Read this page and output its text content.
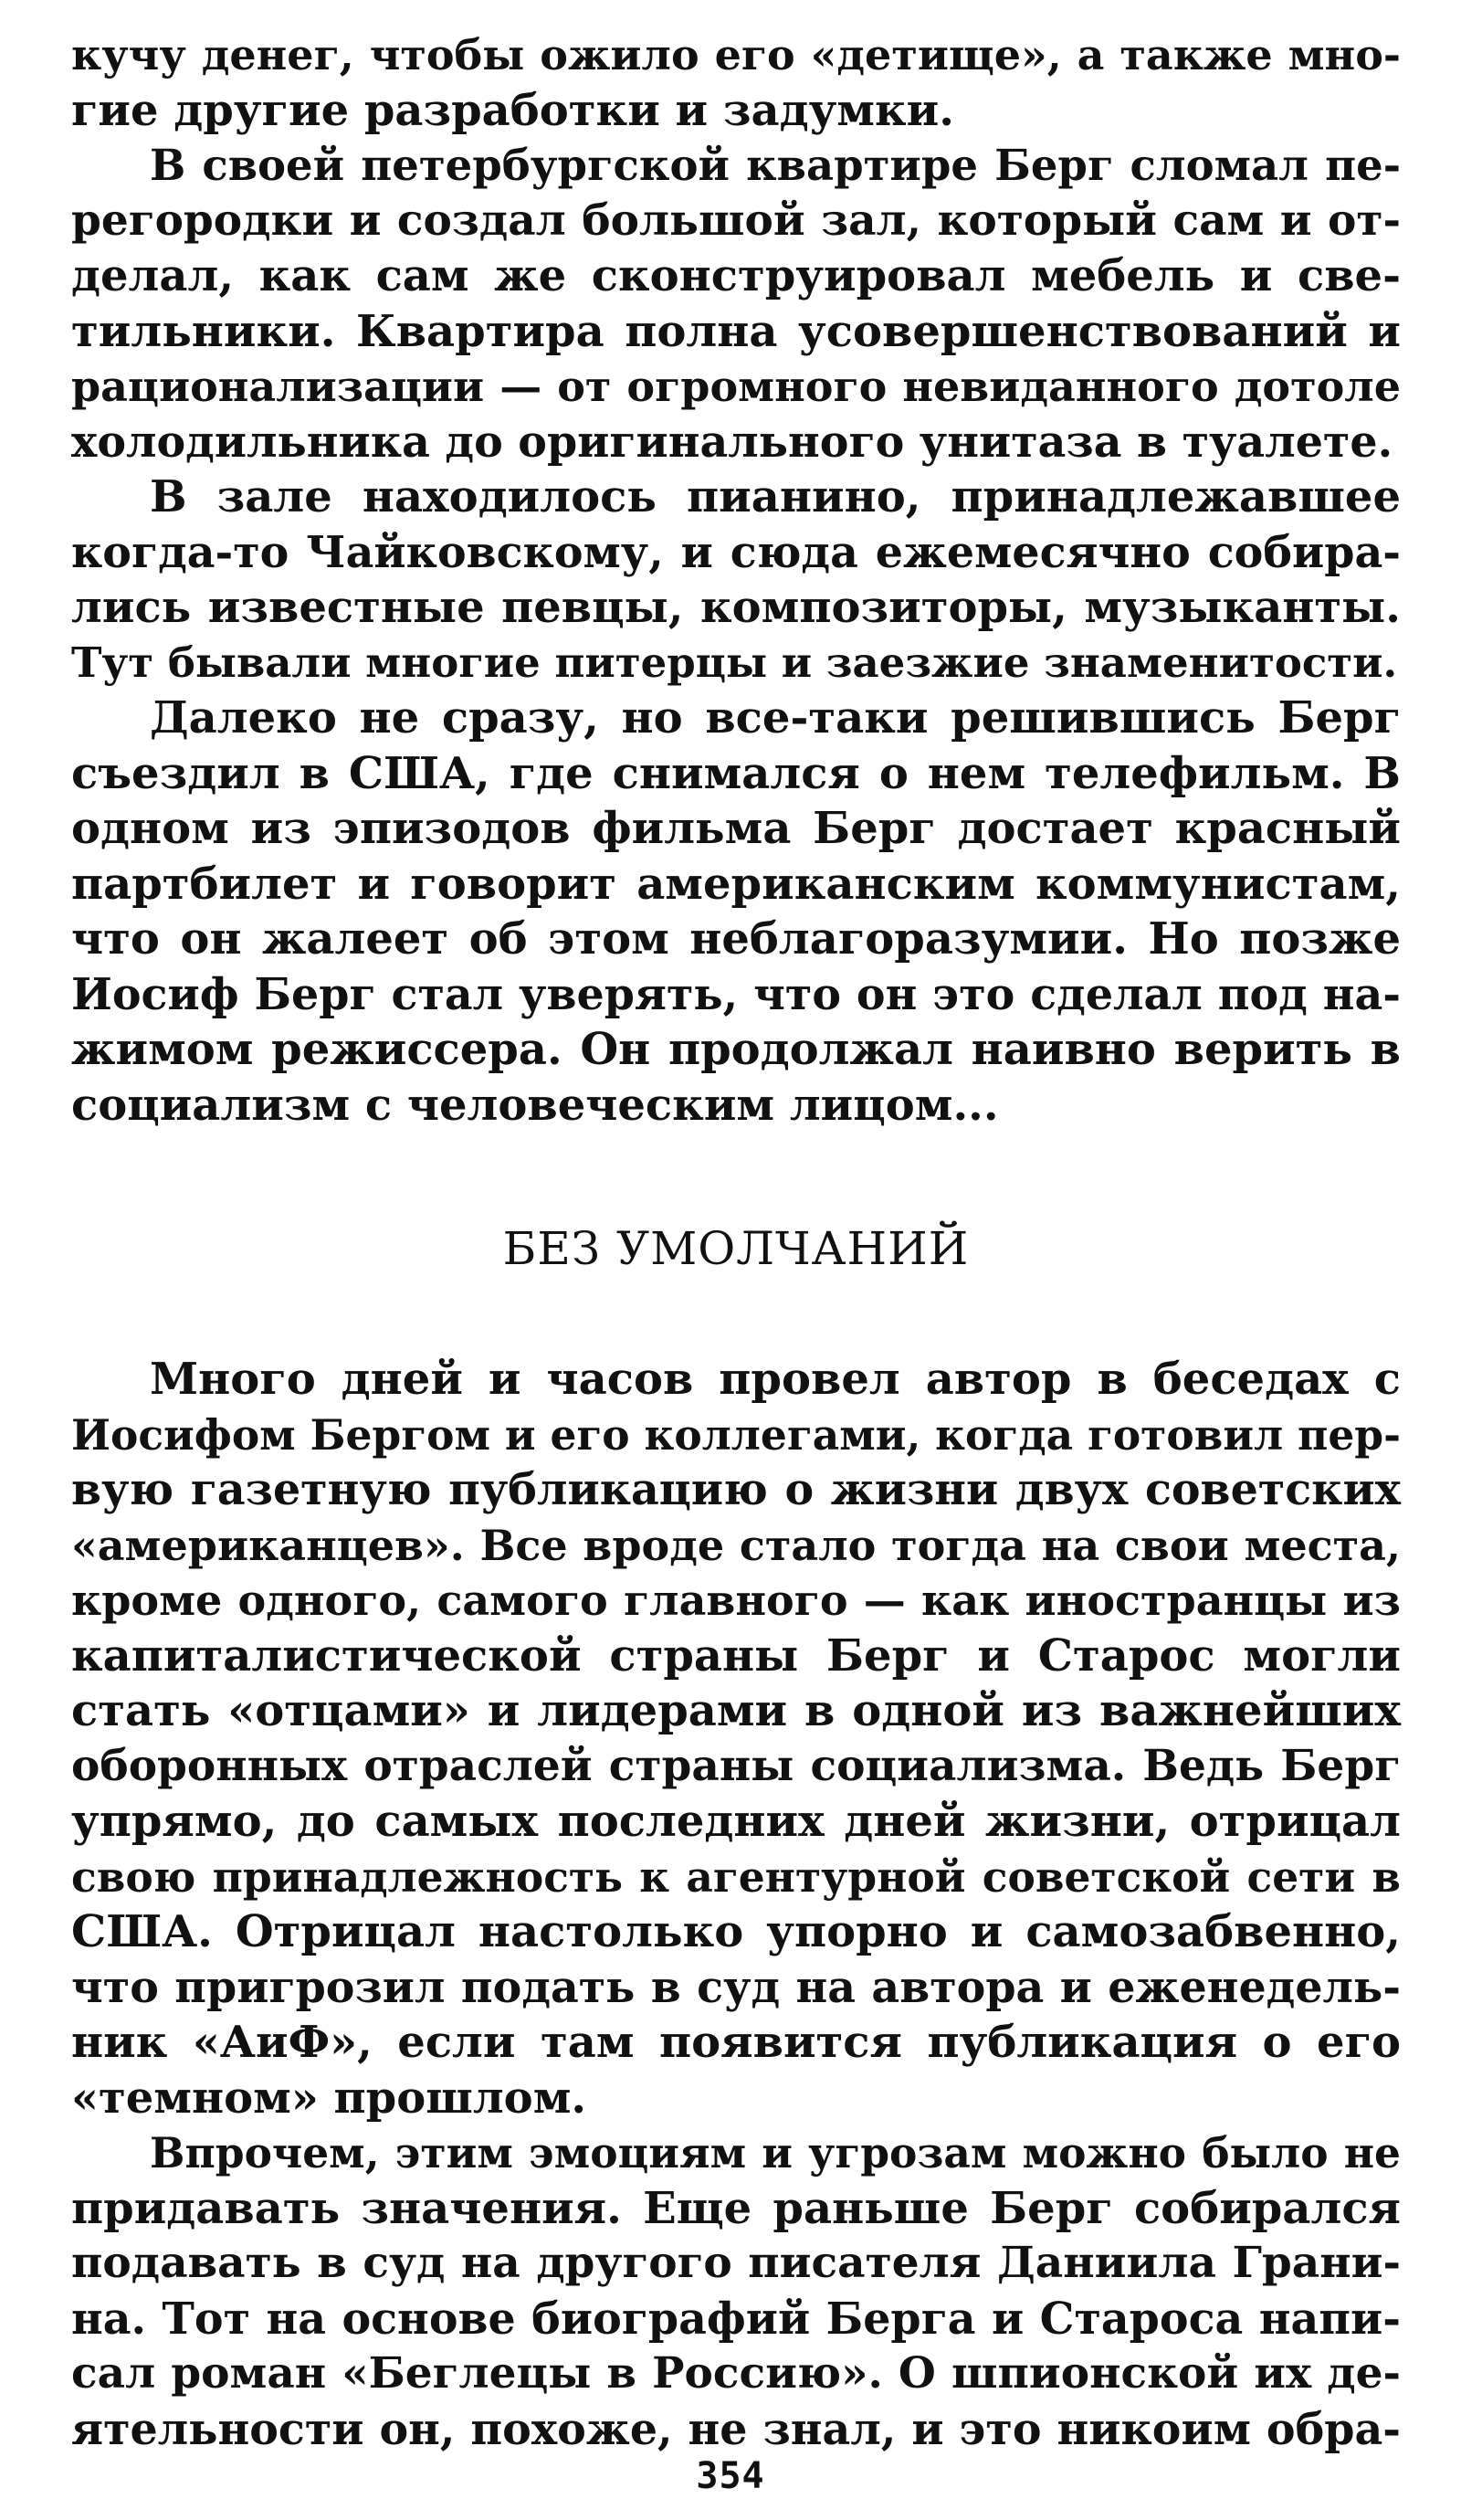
кучу денег, чтобы ожило его «детище», а также мно-
гие другие разработки и задумки.
В своей петербургской квартире Берг сломал пе-
регородки и создал большой зал, который сам и от-
делал, как сам же сконструировал мебель и све-
тильники. Квартира полна усовершенствований и
рационализации — от огромного невиданного дотоле
холодильника до оригинального унитаза в туалете.
В зале находилось пианино, принадлежавшее
когда-то Чайковскому, и сюда ежемесячно собира-
лись известные певцы, композиторы, музыканты.
Тут бывали многие питерцы и заезжие знаменитости.
Далеко не сразу, но все-таки решившись Берг
съездил в США, где снимался о нем телефильм. В
одном из эпизодов фильма Берг достает красный
партбилет и говорит американским коммунистам,
что он жалеет об этом неблагоразумии. Но позже
Иосиф Берг стал уверять, что он это сделал под на-
жимом режиссера. Он продолжал наивно верить в
социализм с человеческим лицом...
БЕЗ УМОЛЧАНИЙ
Много дней и часов провел автор в беседах с
Иосифом Бергом и его коллегами, когда готовил пер-
вую газетную публикацию о жизни двух советских
«американцев». Все вроде стало тогда на свои места,
кроме одного, самого главного — как иностранцы из
капиталистической страны Берг и Старос могли
стать «отцами» и лидерами в одной из важнейших
оборонных отраслей страны социализма. Ведь Берг
упрямо, до самых последних дней жизни, отрицал
свою принадлежность к агентурной советской сети в
США. Отрицал настолько упорно и самозабвенно,
что пригрозил подать в суд на автора и еженедель-
ник «АиФ», если там появится публикация о его
«темном» прошлом.
Впрочем, этим эмоциям и угрозам можно было не
придавать значения. Еще раньше Берг собирался
подавать в суд на другого писателя Даниила Грани-
на. Тот на основе биографий Берга и Староса напи-
сал роман «Беглецы в Россию». О шпионской их де-
ятельности он, похоже, не знал, и это никоим обра-
354
